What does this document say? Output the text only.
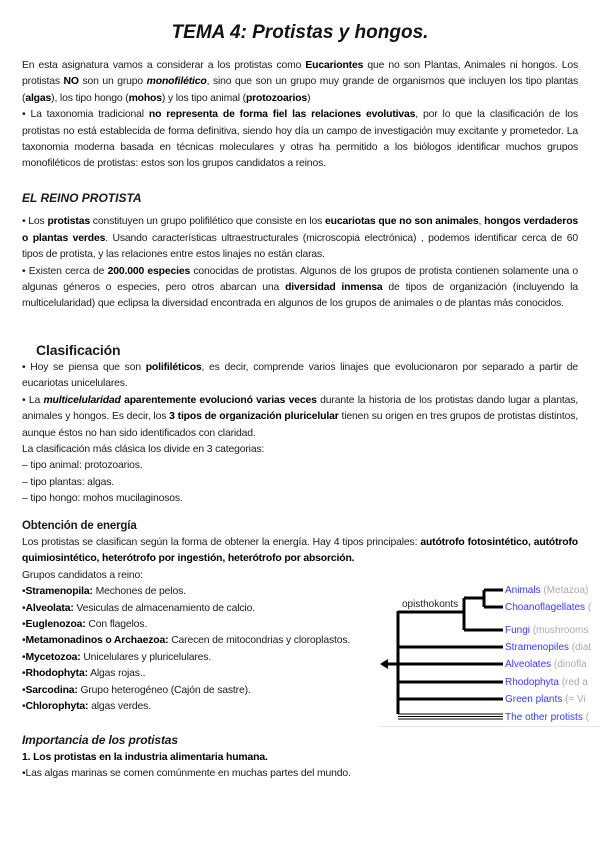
TEMA 4: Protistas y hongos.

En esta asignatura vamos a considerar a los protistas como Eucariontes que no son Plantas, Animales ni hongos. Los protistas NO son un grupo monofilético, sino que son un grupo muy grande de organismos que incluyen los tipo plantas (algas), los tipo hongo (mohos) y los tipo animal (protozoarios)

• La taxonomia tradicional no representa de forma fiel las relaciones evolutivas, por lo que la clasificación de los protistas no está establecida de forma definitiva, siendo hoy día un campo de investigación muy excitante y prometedor. La taxonomia moderna basada en técnicas moleculares y otras ha permitido a los biólogos identificar muchos grupos monofiléticos de protistas: estos son los grupos candidatos a reinos.

EL REINO PROTISTA

• Los protistas constituyen un grupo polifilético que consiste en los eucariotas que no son animales, hongos verdaderos o plantas verdes. Usando características ultraestructurales (microscopia electrónica) , podemos identificar cerca de 60 tipos de protista, y las relaciones entre estos linajes no están claras.

• Existen cerca de 200.000 especies conocidas de protistas. Algunos de los grupos de protista contienen solamente una o algunas géneros o especies, pero otros abarcan una diversidad inmensa de tipos de organización (incluyendo la multicelularidad) que eclipsa la diversidad encontrada en algunos de los grupos de animales o de plantas más conocidos.

Clasificación

• Hoy se piensa que son polifiléticos, es decir, comprende varios linajes que evolucionaron por separado a partir de eucariotas unicelulares.

• La multicelularidad aparentemente evolucionó varias veces durante la historia de los protistas dando lugar a plantas, animales y hongos. Es decir, los 3 tipos de organización pluricelular tienen su origen en tres grupos de protistas distintos, aunque éstos no han sido identificados con claridad.

La clasificación más clásica los divide en 3 categorias:

– tipo animal: protozoarios.

– tipo plantas: algas.

– tipo hongo: mohos mucilaginosos.

Obtención de energía

Los protistas se clasifican según la forma de obtener la energía. Hay 4 tipos principales: autótrofo fotosintético, autótrofo quimiosintético, heterótrofo por ingestión, heterótrofo por absorción.

Grupos candidatos a reino:

•Stramenopila: Mechones de pelos.

•Alveolata: Vesiculas de almacenamiento de calcio.

•Euglenozoa: Con flagelos.

•Metamonadinos o Archaezoa: Carecen de mitocondrias y cloroplastos.

•Mycetozoa: Unicelulares y pluricelulares.

•Rhodophyta: Algas rojas..

•Sarcodina: Grupo heterogéneo (Cajón de sastre).

•Chlorophyta: algas verdes.

opisthokonts
Animals (Metazoa)
Choanoflagellates (
Fungi (mushrooms
Stramenopiles (diat
Alveolates (dinofla
Rhodophyta (red a
Green plants (= Vi
The other protists (
Importancia de los protistas

1. Los protistas en la industria alimentaria humana.

•Las algas marinas se comen comúnmente en muchas partes del mundo.
